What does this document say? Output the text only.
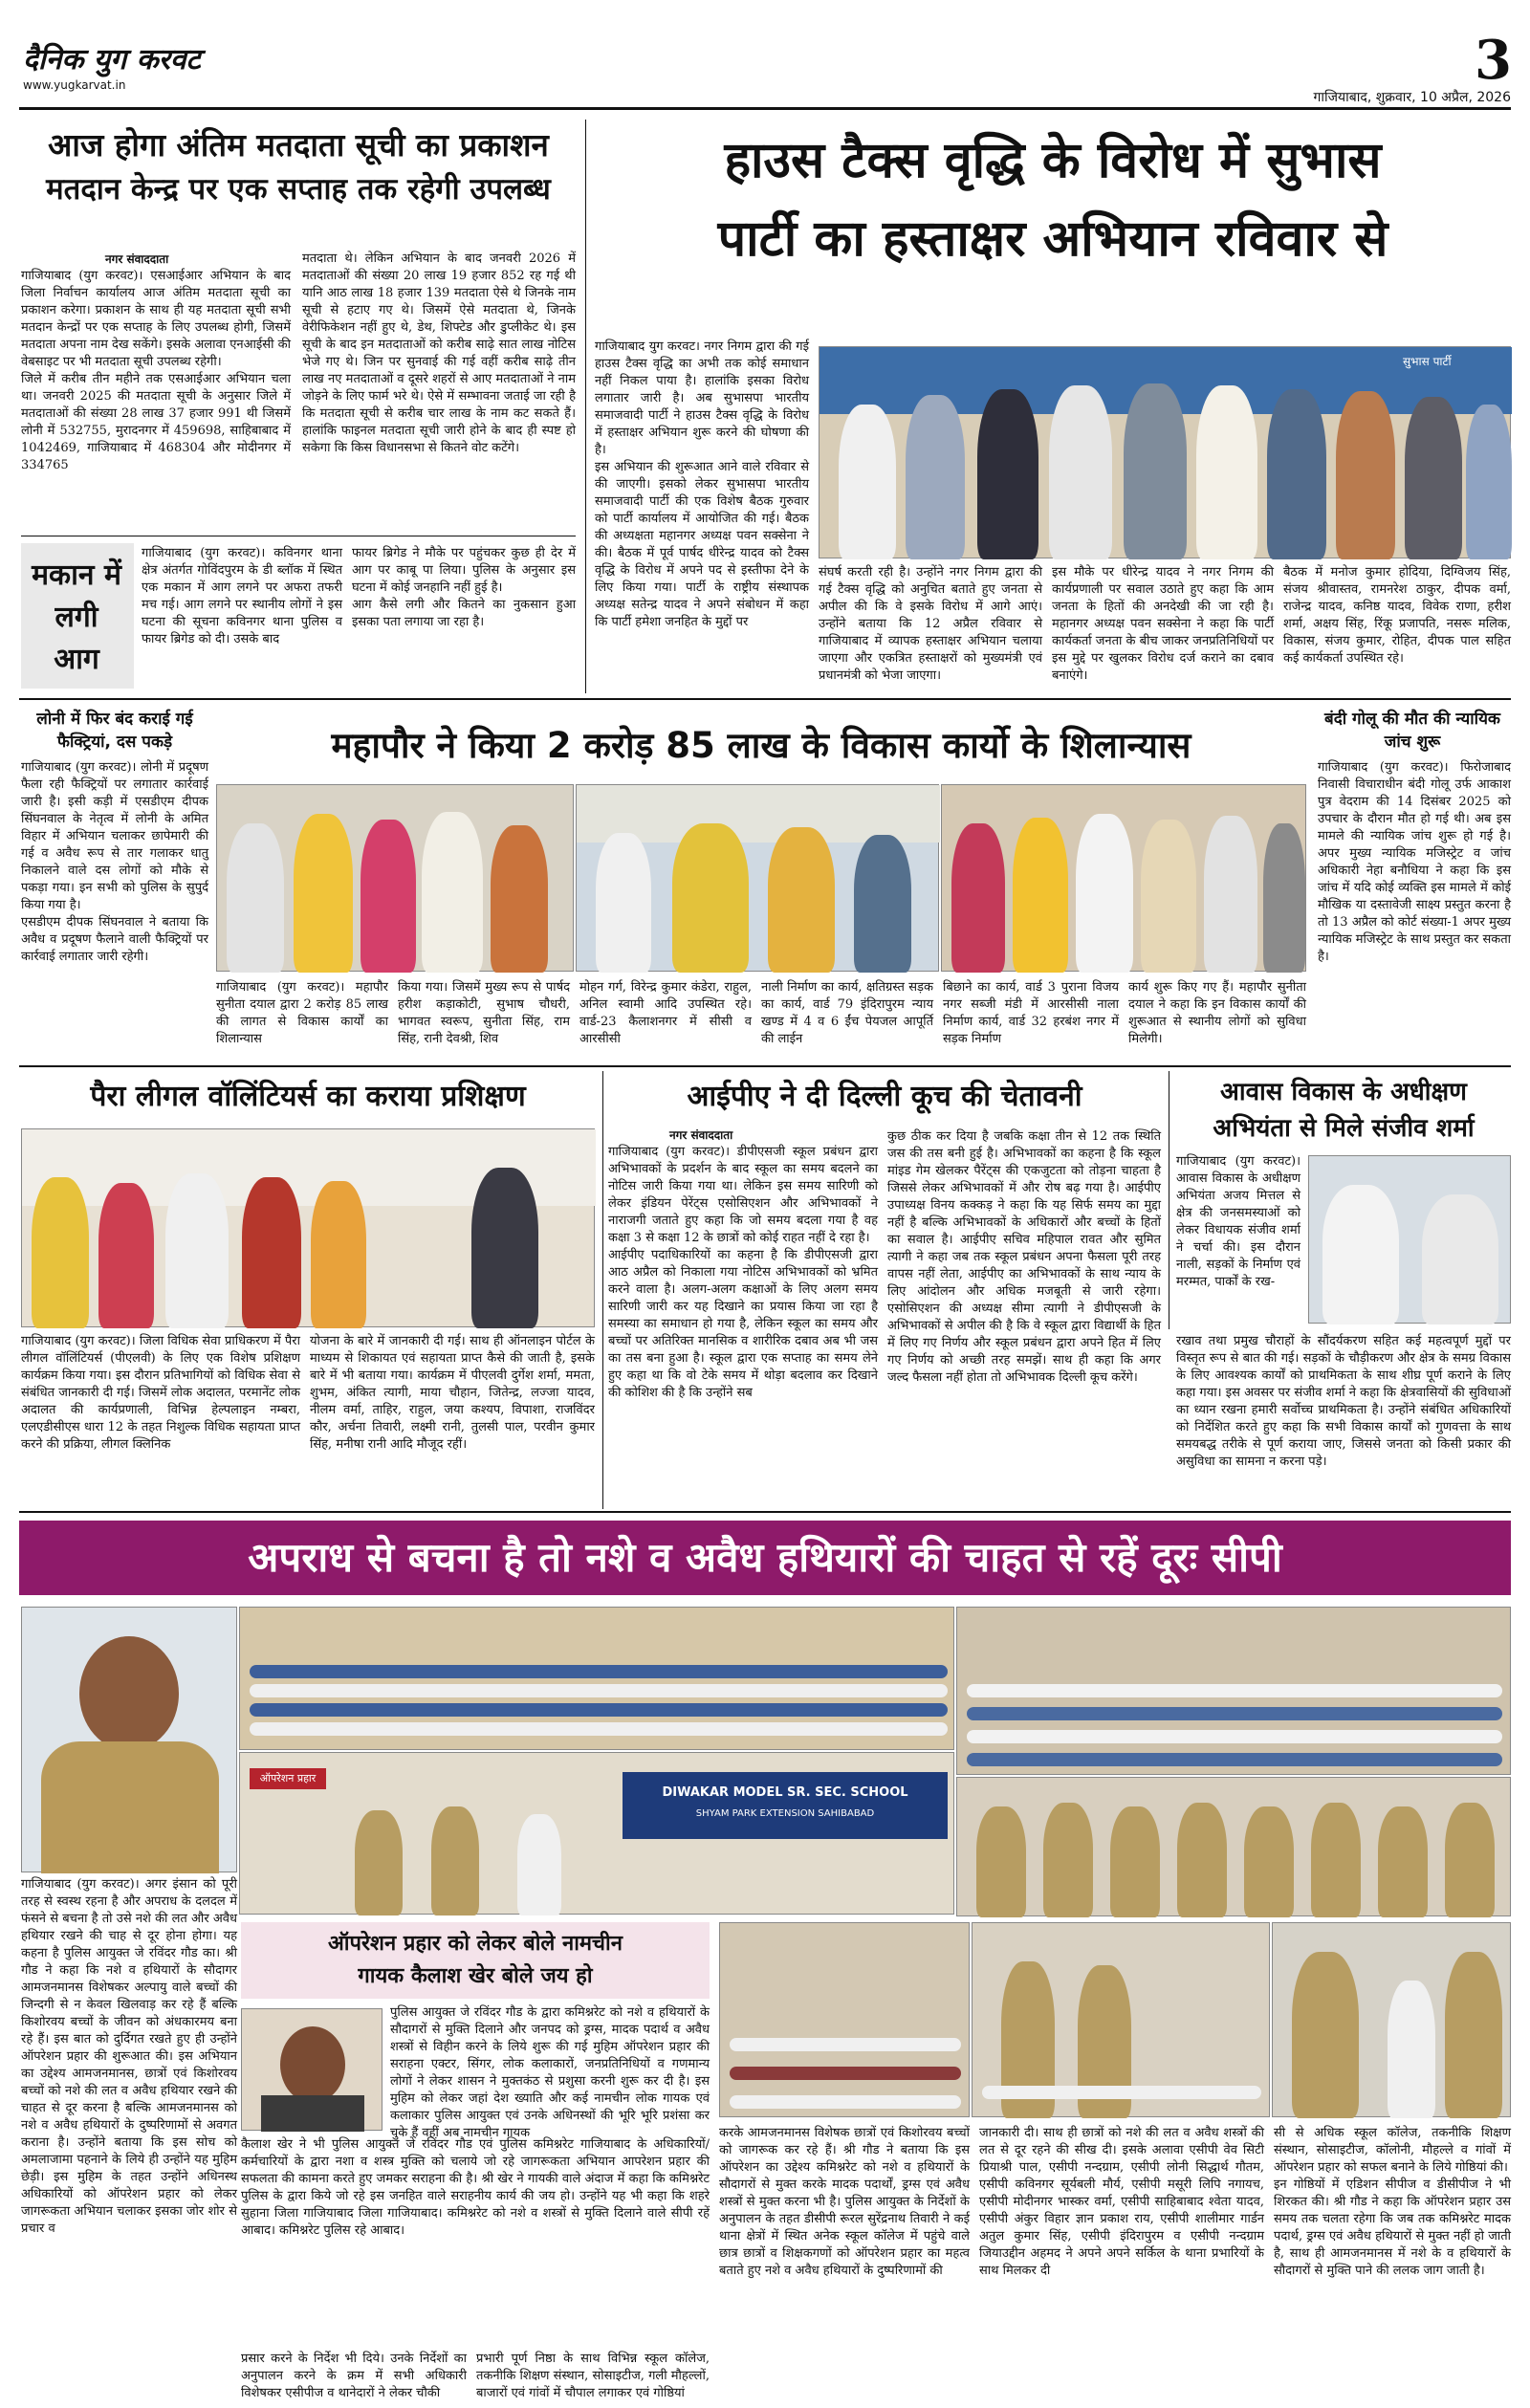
दैनिक युग करवट
www.yugkarvat.in	3
गाजियाबाद, शुक्रवार, 10 अप्रैल, 2026
आज होगा अंतिम मतदाता सूची का प्रकाशन
मतदान केन्द्र पर एक सप्ताह तक रहेगी उपलब्ध
नगर संवाददाता
गाजियाबाद (युग करवट)। एसआईआर अभियान के बाद जिला निर्वाचन कार्यालय आज अंतिम मतदाता सूची का प्रकाशन करेगा। प्रकाशन के साथ ही यह मतदाता सूची सभी मतदान केन्द्रों पर एक सप्ताह के लिए उपलब्ध होगी, जिसमें मतदाता अपना नाम देख सकेंगे। इसके अलावा एनआईसी की वेबसाइट पर भी मतदाता सूची उपलब्ध रहेगी।
जिले में करीब तीन महीने तक एसआईआर अभियान चला था। जनवरी 2025 की मतदाता सूची के अनुसार जिले में मतदाताओं की संख्या 28 लाख 37 हजार 991 थी जिसमें लोनी में 532755, मुरादनगर में 459698, साहिबाबाद में 1042469, गाजियाबाद में 468304 और मोदीनगर में 334765
मतदाता थे। लेकिन अभियान के बाद जनवरी 2026 में मतदाताओं की संख्या 20 लाख 19 हजार 852 रह गई थी यानि आठ लाख 18 हजार 139 मतदाता ऐसे थे जिनके नाम सूची से हटाए गए थे। जिसमें ऐसे मतदाता थे, जिनके वेरीफिकेशन नहीं हुए थे, डेथ, शिफ्टेड और डुप्लीकेट थे। इस सूची के बाद इन मतदाताओं को करीब साढ़े सात लाख नोटिस भेजे गए थे। जिन पर सुनवाई की गई वहीं करीब साढ़े तीन लाख नए मतदाताओं व दूसरे शहरों से आए मतदाताओं ने नाम जोड़ने के लिए फार्म भरे थे। ऐसे में सम्भावना जताई जा रही है कि मतदाता सूची से करीब चार लाख के नाम कट सकते हैं। हालांकि फाइनल मतदाता सूची जारी होने के बाद ही स्पष्ट हो सकेगा कि किस विधानसभा से कितने वोट कटेंगे।
मकान में लगी आग
गाजियाबाद (युग करवट)। कविनगर थाना क्षेत्र अंतर्गत गोविंदपुरम के डी ब्लॉक में स्थित एक मकान में आग लगने पर अफरा तफरी मच गई। आग लगने पर स्थानीय लोगों ने इस घटना की सूचना कविनगर थाना पुलिस व फायर ब्रिगेड को दी। उसके बाद
फायर ब्रिगेड ने मौके पर पहुंचकर कुछ ही देर में आग पर काबू पा लिया। पुलिस के अनुसार इस घटना में कोई जनहानि नहीं हुई है।
आग कैसे लगी और कितने का नुकसान हुआ इसका पता लगाया जा रहा है।
हाउस टैक्स वृद्धि के विरोध में सुभास
पार्टी का हस्ताक्षर अभियान रविवार से
गाजियाबाद युग करवट। नगर निगम द्वारा की गई हाउस टैक्स वृद्धि का अभी तक कोई समाधान नहीं निकल पाया है। हालांकि इसका विरोध लगातार जारी है। अब सुभासपा भारतीय समाजवादी पार्टी ने हाउस टैक्स वृद्धि के विरोध में हस्ताक्षर अभियान शुरू करने की घोषणा की है।
इस अभियान की शुरूआत आने वाले रविवार से की जाएगी। इसको लेकर सुभासपा भारतीय समाजवादी पार्टी की एक विशेष बैठक गुरुवार को पार्टी कार्यालय में आयोजित की गई। बैठक की अध्यक्षता महानगर अध्यक्ष पवन सक्सेना ने की। बैठक में पूर्व पार्षद धीरेन्द्र यादव को टैक्स वृद्धि के विरोध में अपने पद से इस्तीफा देने के लिए किया गया। पार्टी के राष्ट्रीय संस्थापक अध्यक्ष सतेन्द्र यादव ने अपने संबोधन में कहा कि पार्टी हमेशा जनहित के मुद्दों पर
सुभास पार्टी
संघर्ष करती रही है। उन्होंने नगर निगम द्वारा की गई टैक्स वृद्धि को अनुचित बताते हुए जनता से अपील की कि वे इसके विरोध में आगे आएं। उन्होंने बताया कि 12 अप्रैल रविवार से गाजियाबाद में व्यापक हस्ताक्षर अभियान चलाया जाएगा और एकत्रित हस्ताक्षरों को मुख्यमंत्री एवं प्रधानमंत्री को भेजा जाएगा।
इस मौके पर धीरेन्द्र यादव ने नगर निगम की कार्यप्रणाली पर सवाल उठाते हुए कहा कि आम जनता के हितों की अनदेखी की जा रही है। महानगर अध्यक्ष पवन सक्सेना ने कहा कि पार्टी कार्यकर्ता जनता के बीच जाकर जनप्रतिनिधियों पर इस मुद्दे पर खुलकर विरोध दर्ज कराने का दबाव बनाएंगे।
बैठक में मनोज कुमार होदिया, दिग्विजय सिंह, संजय श्रीवास्तव, रामनरेश ठाकुर, दीपक वर्मा, राजेन्द्र यादव, कनिष्ठ यादव, विवेक राणा, हरीश शर्मा, अक्षय सिंह, रिंकू प्रजापति, नसरू मलिक, विकास, संजय कुमार, रोहित, दीपक पाल सहित कई कार्यकर्ता उपस्थित रहे।
लोनी में फिर बंद कराई गई फैक्ट्रियां, दस पकड़े
गाजियाबाद (युग करवट)। लोनी में प्रदूषण फैला रही फैक्ट्रियों पर लगातार कार्रवाई जारी है। इसी कड़ी में एसडीएम दीपक सिंघनवाल के नेतृत्व में लोनी के अमित विहार में अभियान चलाकर छापेमारी की गई व अवैध रूप से तार गलाकर धातु निकालने वाले दस लोगों को मौके से पकड़ा गया। इन सभी को पुलिस के सुपुर्द किया गया है।
एसडीएम दीपक सिंघनवाल ने बताया कि अवैध व प्रदूषण फैलाने वाली फैक्ट्रियों पर कार्रवाई लगातार जारी रहेगी।
महापौर ने किया 2 करोड़ 85 लाख के विकास कार्यो के शिलान्यास
गाजियाबाद (युग करवट)। महापौर सुनीता दयाल द्वारा 2 करोड़ 85 लाख की लागत से विकास कार्यों का शिलान्यास
किया गया। जिसमें मुख्य रूप से पार्षद हरीश कड़ाकोटी, सुभाष चौधरी, भागवत स्वरूप, सुनीता सिंह, राम सिंह, रानी देवश्री, शिव
मोहन गर्ग, विरेन्द्र कुमार कंडेरा, राहुल, अनिल स्वामी आदि उपस्थित रहे। वार्ड-23 कैलाशनगर में सीसी व आरसीसी
नाली निर्माण का कार्य, क्षतिग्रस्त सड़क का कार्य, वार्ड 79 इंदिरापुरम न्याय खण्ड में 4 व 6 ईंच पेयजल आपूर्ति की लाईन
बिछाने का कार्य, वार्ड 3 पुराना विजय नगर सब्जी मंडी में आरसीसी नाला निर्माण कार्य, वार्ड 32 हरबंश नगर में सड़क निर्माण
कार्य शुरू किए गए हैं। महापौर सुनीता दयाल ने कहा कि इन विकास कार्यों की शुरूआत से स्थानीय लोगों को सुविधा मिलेगी।
बंदी गोलू की मौत की न्यायिक जांच शुरू
गाजियाबाद (युग करवट)। फिरोजाबाद निवासी विचाराधीन बंदी गोलू उर्फ आकाश पुत्र वेदराम की 14 दिसंबर 2025 को उपचार के दौरान मौत हो गई थी। अब इस मामले की न्यायिक जांच शुरू हो गई है। अपर मुख्य न्यायिक मजिस्ट्रेट व जांच अधिकारी नेहा बनौधिया ने कहा कि इस जांच में यदि कोई व्यक्ति इस मामले में कोई मौखिक या दस्तावेजी साक्ष्य प्रस्तुत करना है तो 13 अप्रैल को कोर्ट संख्या-1 अपर मुख्य न्यायिक मजिस्ट्रेट के साथ प्रस्तुत कर सकता है।
पैरा लीगल वॉलिंटियर्स का कराया प्रशिक्षण
गाजियाबाद (युग करवट)। जिला विधिक सेवा प्राधिकरण में पैरा लीगल वॉलिंटियर्स (पीएलवी) के लिए एक विशेष प्रशिक्षण कार्यक्रम किया गया। इस दौरान प्रतिभागियों को विधिक सेवा से संबंधित जानकारी दी गई। जिसमें लोक अदालत, परमानेंट लोक अदालत की कार्यप्रणाली, विभिन्न हेल्पलाइन नम्बरा, एलएडीसीएस धारा 12 के तहत निशुल्क विधिक सहायता प्राप्त करने की प्रक्रिया, लीगल क्लिनिक
योजना के बारे में जानकारी दी गई। साथ ही ऑनलाइन पोर्टल के माध्यम से शिकायत एवं सहायता प्राप्त कैसे की जाती है, इसके बारे में भी बताया गया। कार्यक्रम में पीएलवी दुर्गेश शर्मा, ममता, शुभम, अंकित त्यागी, माया चौहान, जितेन्द्र, लज्जा यादव, नीलम वर्मा, ताहिर, राहुल, जया कश्यप, विपाशा, राजविंदर कौर, अर्चना तिवारी, लक्ष्मी रानी, तुलसी पाल, परवीन कुमार सिंह, मनीषा रानी आदि मौजूद रहीं।
आईपीए ने दी दिल्ली कूच की चेतावनी
नगर संवाददाता
गाजियाबाद (युग करवट)। डीपीएसजी स्कूल प्रबंधन द्वारा अभिभावकों के प्रदर्शन के बाद स्कूल का समय बदलने का नोटिस जारी किया गया था। लेकिन इस समय सारिणी को लेकर इंडियन पेरेंट्स एसोसिएशन और अभिभावकों ने नाराजगी जताते हुए कहा कि जो समय बदला गया है वह कक्षा 3 से कक्षा 12 के छात्रों को कोई राहत नहीं दे रहा है।
आईपीए पदाधिकारियों का कहना है कि डीपीएसजी द्वारा आठ अप्रैल को निकाला गया नोटिस अभिभावकों को भ्रमित करने वाला है। अलग-अलग कक्षाओं के लिए अलग समय सारिणी जारी कर यह दिखाने का प्रयास किया जा रहा है समस्या का समाधान हो गया है, लेकिन स्कूल का समय और बच्चों पर अतिरिक्त मानसिक व शारीरिक दबाव अब भी जस का तस बना हुआ है। स्कूल द्वारा एक सप्ताह का समय लेने हुए कहा था कि वो टेके समय में थोड़ा बदलाव कर दिखाने की कोशिश की है कि उन्होंने सब
कुछ ठीक कर दिया है जबकि कक्षा तीन से 12 तक स्थिति जस की तस बनी हुई है। अभिभावकों का कहना है कि स्कूल मांइड गेम खेलकर पैरेंट्स की एकजुटता को तोड़ना चाहता है जिससे लेकर अभिभावकों में और रोष बढ़ गया है। आईपीए उपाध्यक्ष विनय कक्कड़ ने कहा कि यह सिर्फ समय का मुद्दा नहीं है बल्कि अभिभावकों के अधिकारों और बच्चों के हितों का सवाल है। आईपीए सचिव महिपाल रावत और सुमित त्यागी ने कहा जब तक स्कूल प्रबंधन अपना फैसला पूरी तरह वापस नहीं लेता, आईपीए का अभिभावकों के साथ न्याय के लिए आंदोलन और अधिक मजबूती से जारी रहेगा। एसोसिएशन की अध्यक्ष सीमा त्यागी ने डीपीएसजी के अभिभावकों से अपील की है कि वे स्कूल द्वारा विद्यार्थी के हित में लिए गए निर्णय और स्कूल प्रबंधन द्वारा अपने हित में लिए गए निर्णय को अच्छी तरह समझें। साथ ही कहा कि अगर जल्द फैसला नहीं होता तो अभिभावक दिल्ली कूच करेंगे।
आवास विकास के अधीक्षण
अभियंता से मिले संजीव शर्मा
गाजियाबाद (युग करवट)। आवास विकास के अधीक्षण अभियंता अजय मित्तल से क्षेत्र की जनसमस्याओं को लेकर विधायक संजीव शर्मा ने चर्चा की। इस दौरान नाली, सड़कों के निर्माण एवं मरम्मत, पार्कों के रख-
रखाव तथा प्रमुख चौराहों के सौंदर्यकरण सहित कई महत्वपूर्ण मुद्दों पर विस्तृत रूप से बात की गई। सड़कों के चौड़ीकरण और क्षेत्र के समग्र विकास के लिए आवश्यक कार्यों को प्राथमिकता के साथ शीघ्र पूर्ण कराने के लिए कहा गया। इस अवसर पर संजीव शर्मा ने कहा कि क्षेत्रवासियों की सुविधाओं का ध्यान रखना हमारी सर्वोच्च प्राथमिकता है। उन्होंने संबंधित अधिकारियों को निर्देशित करते हुए कहा कि सभी विकास कार्यों को गुणवत्ता के साथ समयबद्ध तरीके से पूर्ण कराया जाए, जिससे जनता को किसी प्रकार की असुविधा का सामना न करना पड़े।
अपराध से बचना है तो नशे व अवैध हथियारों की चाहत से रहें दूरः सीपी
ऑपरेशन प्रहार
DIWAKAR MODEL SR. SEC. SCHOOL
SHYAM PARK EXTENSION SAHIBABAD
गाजियाबाद (युग करवट)। अगर इंसान को पूरी तरह से स्वस्थ रहना है और अपराध के दलदल में फंसने से बचना है तो उसे नशे की लत और अवैध हथियार रखने की चाह से दूर होना होगा। यह कहना है पुलिस आयुक्त जे रविंदर गौड का। श्री गौड ने कहा कि नशे व हथियारों के सौदागर आमजनमानस विशेषकर अल्पायु वाले बच्चों की जिन्दगी से न केवल खिलवाड़ कर रहे हैं बल्कि किशोरवय बच्चों के जीवन को अंधकारमय बना रहे हैं। इस बात को दुर्दिगत रखते हुए ही उन्होंने ऑपरेशन प्रहार की शुरूआत की। इस अभियान का उद्देश्य आमजनमानस, छात्रों एवं किशोरवय बच्चों को नशे की लत व अवैध हथियार रखने की चाहत से दूर करना है बल्कि आमजनमानस को नशे व अवैध हथियारों के दुष्परिणामों से अवगत कराना है। उन्होंने बताया कि इस सोच को अमलाजामा पहनाने के लिये ही उन्होंने यह मुहिम छेड़ी। इस मुहिम के तहत उन्होंने अधिनस्थ अधिकारियों को ऑपरेशन प्रहार को लेकर जागरूकता अभियान चलाकर इसका जोर शोर से प्रचार व
ऑपरेशन प्रहार को लेकर बोले नामचीन
गायक कैलाश खेर बोले जय हो
पुलिस आयुक्त जे रविंदर गौड के द्वारा कमिश्नरेट को नशे व हथियारों के सौदागरों से मुक्ति दिलाने और जनपद को ड्रग्स, मादक पदार्थ व अवैध शस्त्रों से विहीन करने के लिये शुरू की गई मुहिम ऑपरेशन प्रहार की सराहना एक्टर, सिंगर, लोक कलाकारों, जनप्रतिनिधियों व गणमान्य लोगों ने लेकर शासन ने मुक्तकंठ से प्रशुसा करनी शुरू कर दी है। इस मुहिम को लेकर जहां देश ख्याति और कई नामचीन लोक गायक एवं कलाकार पुलिस आयुक्त एवं उनके अधिनस्थों की भूरि भूरि प्रशंसा कर चुके हैं वहीं अब नामचीन गायक
कैलाश खेर ने भी पुलिस आयुक्त जे रविंदर गौड एवं पुलिस कमिश्नरेट गाजियाबाद के अधिकारियों/कर्मचारियों के द्वारा नशा व शस्त्र मुक्ति को चलाये जो रहे जागरूकता अभियान आपरेशन प्रहार की सफलता की कामना करते हुए जमकर सराहना की है। श्री खेर ने गायकी वाले अंदाज में कहा कि कमिश्नरेट पुलिस के द्वारा किये जो रहे इस जनहित वाले सराहनीय कार्य की जय हो। उन्होंने यह भी कहा कि शहरे सुहाना जिला गाजियाबाद जिला गाजियाबाद। कमिश्नरेट को नशे व शस्त्रों से मुक्ति दिलाने वाले सीपी रहें आबाद। कमिश्नरेट पुलिस रहे आबाद।
प्रसार करने के निर्देश भी दिये। उनके निर्देशों का अनुपालन करने के क्रम में सभी अधिकारी विशेषकर एसीपीज व थानेदारों ने लेकर चौकी
प्रभारी पूर्ण निष्ठा के साथ विभिन्न स्कूल कॉलेज, तकनीकि शिक्षण संस्थान, सोसाइटीज, गली मौहल्लों, बाजारों एवं गांवों में चौपाल लगाकर एवं गोष्ठियां
करके आमजनमानस विशेषक छात्रों एवं किशोरवय बच्चों को जागरूक कर रहे हैं। श्री गौड ने बताया कि इस ऑपरेशन का उद्देश्य कमिश्नरेट को नशे व हथियारों के सौदागरों से मुक्त करके मादक पदार्थों, ड्रग्स एवं अवैध शस्त्रों से मुक्त करना भी है। पुलिस आयुक्त के निर्देशों के अनुपालन के तहत डीसीपी रूरल सुरेंद्रनाथ तिवारी ने कई थाना क्षेत्रों में स्थित अनेक स्कूल कॉलेज में पहुंचे वाले छात्र छात्रों व शिक्षकगणों को ऑपरेशन प्रहार का महत्व बताते हुए नशे व अवैध हथियारों के दुष्परिणामों की
जानकारी दी। साथ ही छात्रों को नशे की लत व अवैध शस्त्रों की लत से दूर रहने की सीख दी। इसके अलावा एसीपी वेव सिटी प्रियाश्री पाल, एसीपी नन्दग्राम, एसीपी लोनी सिद्धार्थ गौतम, एसीपी कविनगर सूर्यबली मौर्य, एसीपी मसूरी लिपि नगायच, एसीपी मोदीनगर भास्कर वर्मा, एसीपी साहिबाबाद श्वेता यादव, एसीपी अंकुर विहार ज्ञान प्रकाश राय, एसीपी शालीमार गार्डन अतुल कुमार सिंह, एसीपी इंदिरापुरम व एसीपी नन्दग्राम जियाउद्दीन अहमद ने अपने अपने सर्किल के थाना प्रभारियों के साथ मिलकर दी
सी से अधिक स्कूल कॉलेज, तकनीकि शिक्षण संस्थान, सोसाइटीज, कॉलोनी, मौहल्ले व गांवों में ऑपरेशन प्रहार को सफल बनाने के लिये गोष्ठियां की।
इन गोष्ठियों में एडिशन सीपीज व डीसीपीज ने भी शिरकत की। श्री गौड ने कहा कि ऑपरेशन प्रहार उस समय तक चलता रहेगा कि जब तक कमिश्नरेट मादक पदार्थ, ड्रग्स एवं अवैध हथियारों से मुक्त नहीं हो जाती है, साथ ही आमजनमानस में नशे के व हथियारों के सौदागरों से मुक्ति पाने की ललक जाग जाती है।
